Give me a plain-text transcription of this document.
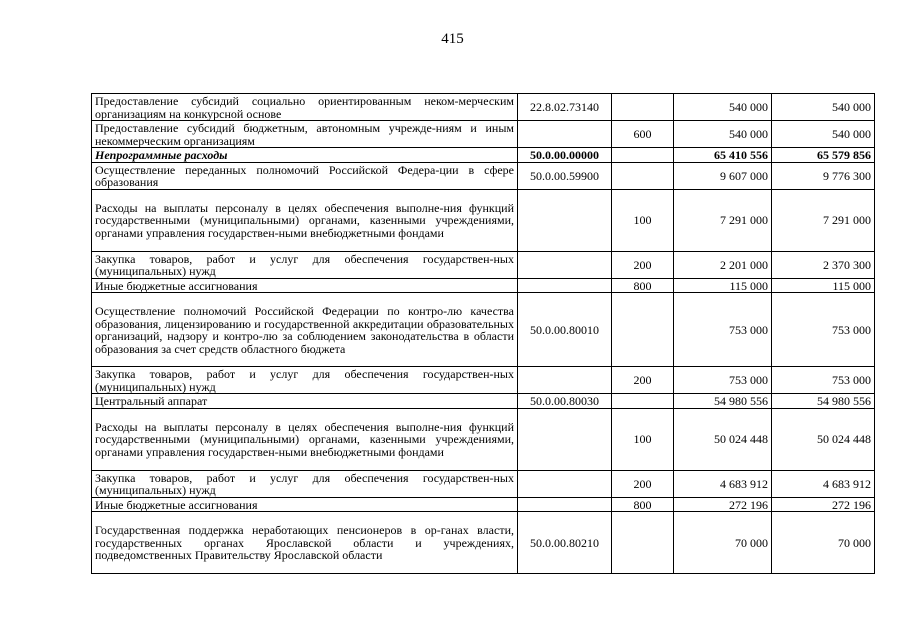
415
Предоставление субсидий социально ориентированным неком-мерческим организациям на конкурсной основе	22.8.02.73140		540 000	540 000

Предоставление субсидий бюджетным, автономным учрежде-ниям и иным некоммерческим организациям		600	540 000	540 000

Непрограммные расходы	50.0.00.00000		65 410 556	65 579 856

Осуществление переданных полномочий Российской Федера-ции в сфере образования	50.0.00.59900		9 607 000	9 776 300

Расходы на выплаты персоналу в целях обеспечения выполне-ния функций государственными (муниципальными) органами, казенными учреждениями, органами управления государствен-ными внебюджетными фондами		100	7 291 000	7 291 000

Закупка товаров, работ и услуг для обеспечения государствен-ных (муниципальных) нужд		200	2 201 000	2 370 300

Иные бюджетные ассигнования		800	115 000	115 000

Осуществление полномочий Российской Федерации по контро-лю качества образования, лицензированию и государственной аккредитации образовательных организаций, надзору и контро-лю за соблюдением законодательства в области образования за счет средств областного бюджета	50.0.00.80010		753 000	753 000

Закупка товаров, работ и услуг для обеспечения государствен-ных (муниципальных) нужд		200	753 000	753 000

Центральный аппарат	50.0.00.80030		54 980 556	54 980 556

Расходы на выплаты персоналу в целях обеспечения выполне-ния функций государственными (муниципальными) органами, казенными учреждениями, органами управления государствен-ными внебюджетными фондами		100	50 024 448	50 024 448

Закупка товаров, работ и услуг для обеспечения государствен-ных (муниципальных) нужд		200	4 683 912	4 683 912

Иные бюджетные ассигнования		800	272 196	272 196

Государственная поддержка неработающих пенсионеров в ор-ганах власти, государственных органах Ярославской области и учреждениях, подведомственных Правительству Ярославской области	50.0.00.80210		70 000	70 000
